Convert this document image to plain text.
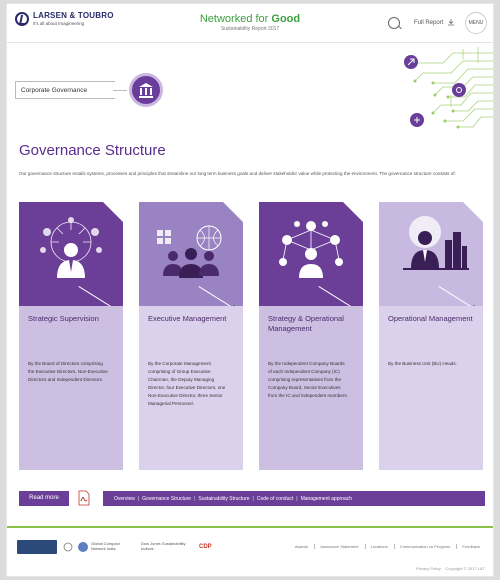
LARSEN & TOUBRO
It's all about Imagineering	Networked for Good
Sustainability Report 2017
Full Report	MENU
Corporate Governance
Governance Structure
Our governance structure entails systems, processes and principles that streamline our long term business goals and deliver stakeholder value while protecting the environment. The governance structure consists of:
Strategic Supervision
By the Board of Directors comprising the Executive Directors, Non-Executive Directors and Independent Directors.
Executive Management
By the Corporate Management comprising of Group Executive Chairman, the Deputy Managing Director, four Executive Directors, one Non-Executive Director, three Senior Managerial Personnel.
Strategy & Operational Management
By the Independent Company Boards of each Independent Company (IC) comprising representatives from the Company Board, Senior Executives from the IC and independent members.
Operational Management
By the Business Unit (BU) Heads.
Read more	Overview | Governance Structure | Sustainability Structure | Code of conduct | Management approach
Global Compact Network India
Dow Jones Sustainability Indices	CDP	Awards	Assurance Statement	Locations	Communication on Progress	Feedback
Privacy Policy Copyright © 2017 L&T
